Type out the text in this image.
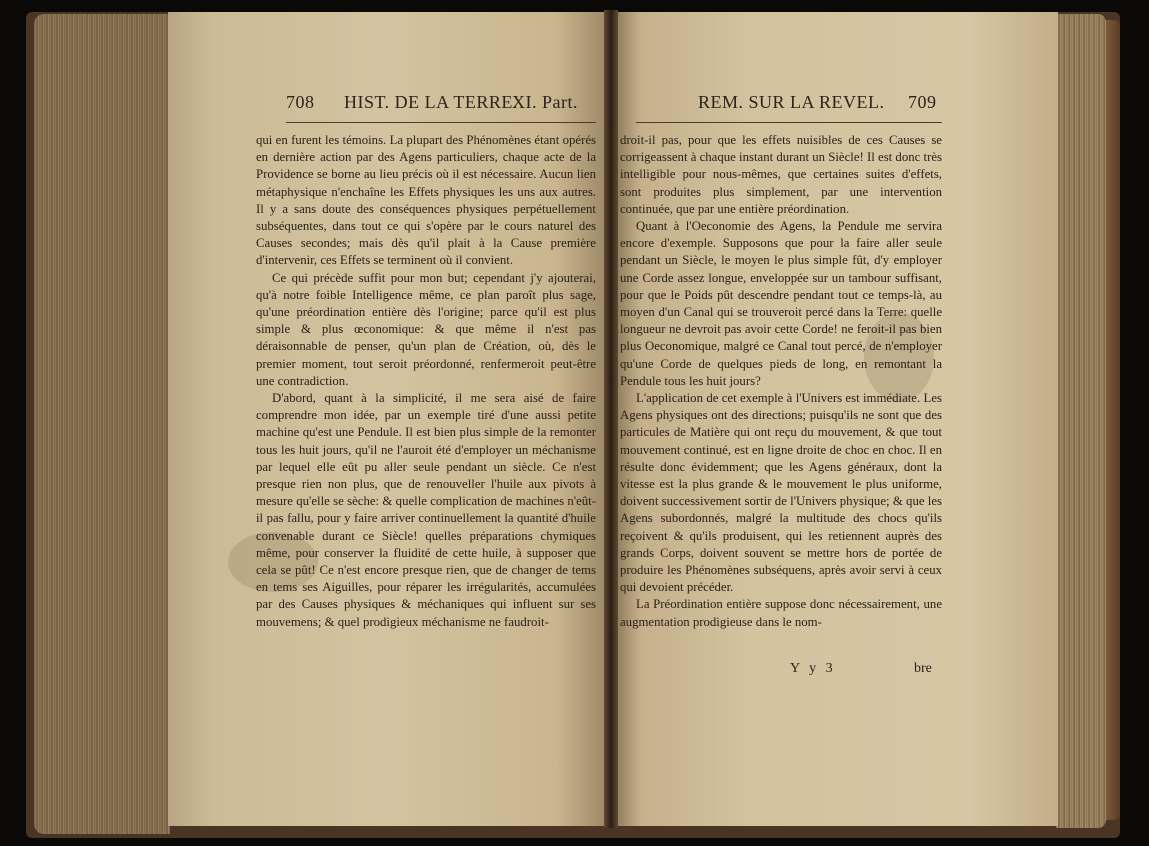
708 HIST. DE LA TERRE.
XI. Part.	REM. SUR LA REVEL. 709

qui en furent les témoins. La plupart des Phénomènes étant opérés en dernière action par des Agens particuliers, chaque acte de la Providence se borne au lieu précis où il est nécessaire. Aucun lien métaphysique n'enchaîne les Effets physiques les uns aux autres. Il y a sans doute des conséquences physiques perpétuellement subséquentes, dans tout ce qui s'opère par le cours naturel des Causes secondes; mais dès qu'il plait à la Cause première d'intervenir, ces Effets se terminent où il convient.

Ce qui précède suffit pour mon but; cependant j'y ajouterai, qu'à notre foible Intelligence même, ce plan paroît plus sage, qu'une préordination entière dès l'origine; parce qu'il est plus simple & plus œconomique: & que même il n'est pas déraisonnable de penser, qu'un plan de Création, où, dès le premier moment, tout seroit préordonné, renfermeroit peut-être une contradiction.

D'abord, quant à la simplicité, il me sera aisé de faire comprendre mon idée, par un exemple tiré d'une aussi petite machine qu'est une Pendule. Il est bien plus simple de la remonter tous les huit jours, qu'il ne l'auroit été d'employer un méchanisme par lequel elle eût pu aller seule pendant un siècle. Ce n'est presque rien non plus, que de renouveller l'huile aux pivots à mesure qu'elle se sèche: & quelle complication de machines n'eût-il pas fallu, pour y faire arriver continuellement la quantité d'huile convenable durant ce Siècle! quelles préparations chymiques même, pour conserver la fluidité de cette huile, à supposer que cela se pût! Ce n'est encore presque rien, que de changer de tems en tems ses Aiguilles, pour réparer les irrégularités, accumulées par des Causes physiques & méchaniques qui influent sur ses mouvemens; & quel prodigieux méchanisme ne faudroit-

droit-il pas, pour que les effets nuisibles de ces Causes se corrigeassent à chaque instant durant un Siècle! Il est donc très intelligible pour nous-mêmes, que certaines suites d'effets, sont produites plus simplement, par une intervention continuée, que par une entière préordination.

Quant à l'Oeconomie des Agens, la Pendule me servira encore d'exemple. Supposons que pour la faire aller seule pendant un Siècle, le moyen le plus simple fût, d'y employer une Corde assez longue, enveloppée sur un tambour suffisant, pour que le Poids pût descendre pendant tout ce temps-là, au moyen d'un Canal qui se trouveroit percé dans la Terre: quelle longueur ne devroit pas avoir cette Corde! ne feroit-il pas bien plus Oeconomique, malgré ce Canal tout percé, de n'employer qu'une Corde de quelques pieds de long, en remontant la Pendule tous les huit jours?

L'application de cet exemple à l'Univers est immédiate. Les Agens physiques ont des directions; puisqu'ils ne sont que des particules de Matière qui ont reçu du mouvement, & que tout mouvement continué, est en ligne droite de choc en choc. Il en résulte donc évidemment; que les Agens généraux, dont la vitesse est la plus grande & le mouvement le plus uniforme, doivent successivement sortir de l'Univers physique; & que les Agens subordonnés, malgré la multitude des chocs qu'ils reçoivent & qu'ils produisent, qui les retiennent auprès des grands Corps, doivent souvent se mettre hors de portée de produire les Phénomènes subséquens, après avoir servi à ceux qui devoient précéder.

La Préordination entière suppose donc nécessairement, une augmentation prodigieuse dans le nom-

Y y 3	bre
